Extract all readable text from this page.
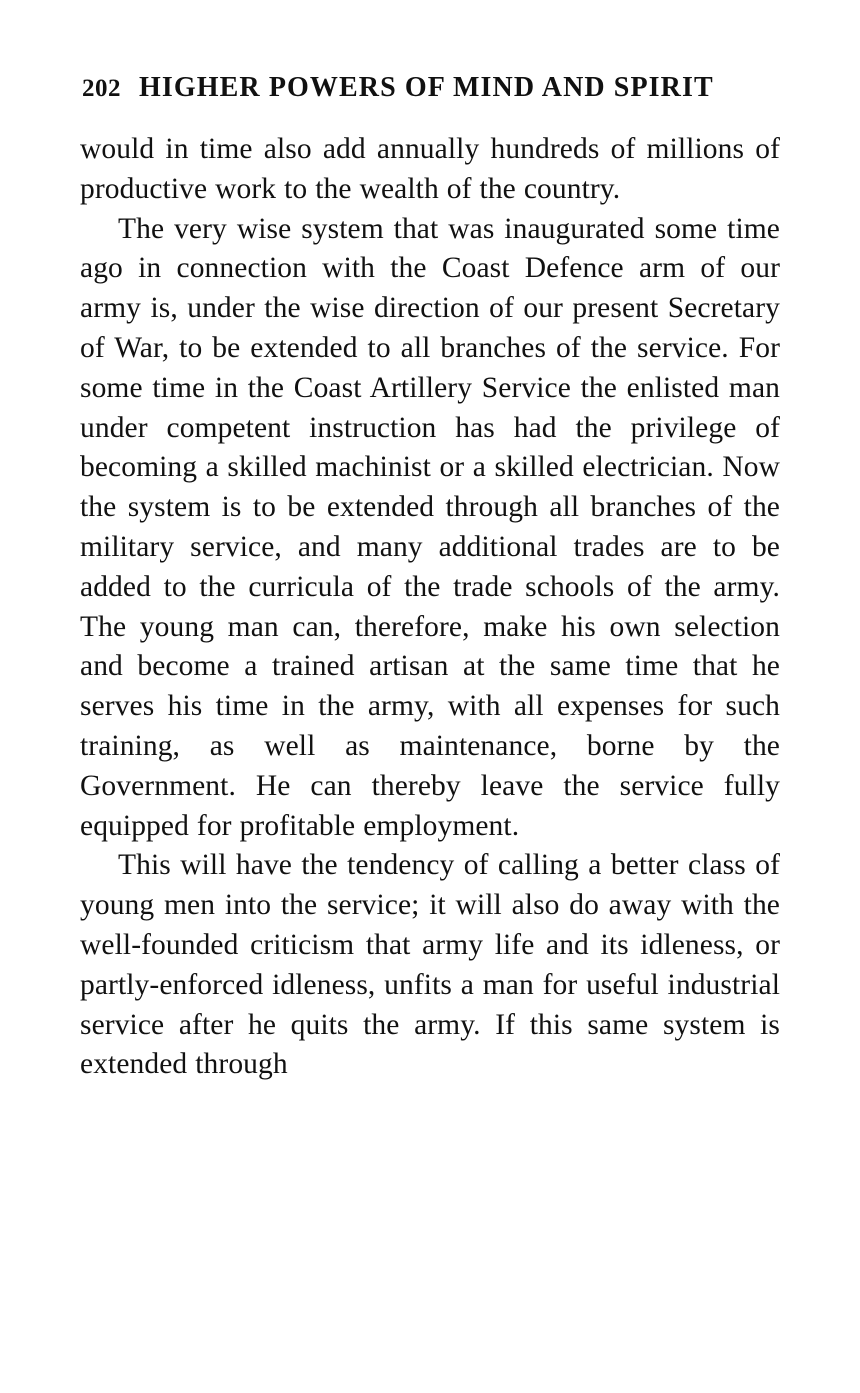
202 HIGHER POWERS OF MIND AND SPIRIT

would in time also add annually hundreds of millions of productive work to the wealth of the country.

The very wise system that was inaugurated some time ago in connection with the Coast Defence arm of our army is, under the wise direction of our present Secretary of War, to be extended to all branches of the service. For some time in the Coast Artillery Service the enlisted man under competent instruction has had the privilege of becoming a skilled machinist or a skilled electrician. Now the system is to be extended through all branches of the military service, and many additional trades are to be added to the curricula of the trade schools of the army. The young man can, therefore, make his own selection and become a trained artisan at the same time that he serves his time in the army, with all expenses for such training, as well as maintenance, borne by the Government. He can thereby leave the service fully equipped for profitable employment.

This will have the tendency of calling a better class of young men into the service; it will also do away with the well-founded criticism that army life and its idleness, or partly-enforced idleness, unfits a man for useful industrial service after he quits the army. If this same system is extended through
